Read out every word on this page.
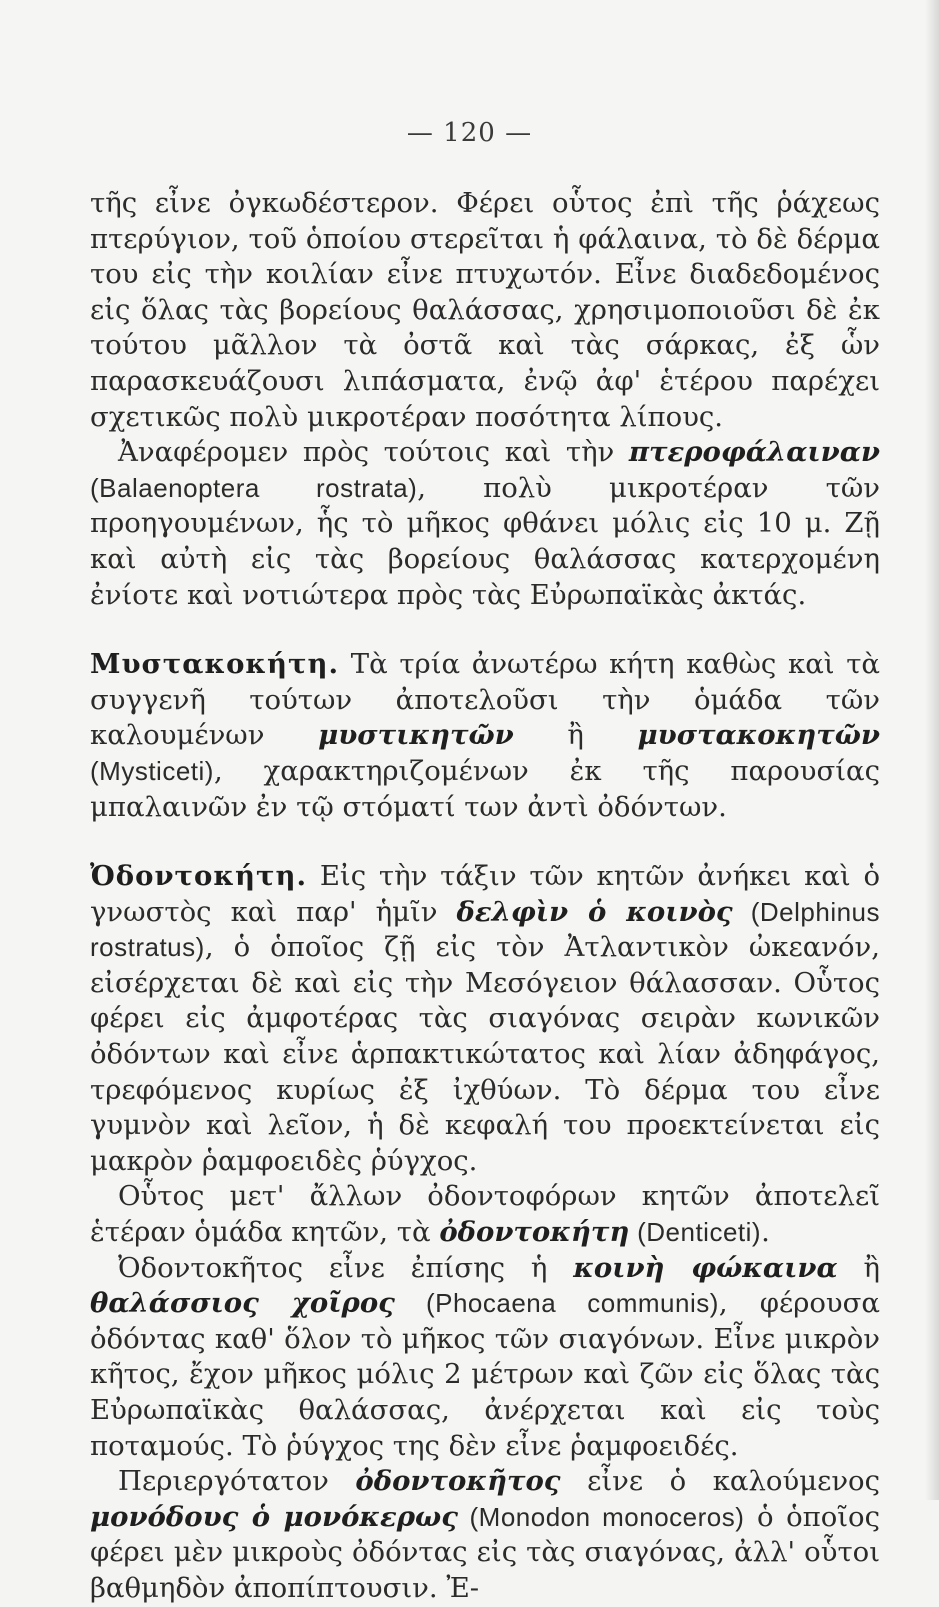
— 120 —

τῆς εἶνε ὀγκωδέστερον. Φέρει οὗτος ἐπὶ τῆς ῥάχεως πτερύγιον, τοῦ ὁποίου στερεῖται ἡ φάλαινα, τὸ δὲ δέρμα του εἰς τὴν κοιλίαν εἶνε πτυχωτόν. Εἶνε διαδεδομένος εἰς ὅλας τὰς βορείους θαλάσσας, χρησιμοποιοῦσι δὲ ἐκ τούτου μᾶλλον τὰ ὀστᾶ καὶ τὰς σάρκας, ἐξ ὧν παρασκευάζουσι λιπάσματα, ἐνῷ ἀφ' ἑτέρου παρέχει σχετικῶς πολὺ μικροτέραν ποσότητα λίπους.

Ἀναφέρομεν πρὸς τούτοις καὶ τὴν πτεροφάλαιναν (Balaenoptera rostrata), πολὺ μικροτέραν τῶν προηγουμένων, ἧς τὸ μῆκος φθάνει μόλις εἰς 10 μ. Ζῇ καὶ αὐτὴ εἰς τὰς βορείους θαλάσσας κατερχομένη ἐνίοτε καὶ νοτιώτερα πρὸς τὰς Εὐρωπαϊκὰς ἀκτάς.

Μυστακοκήτη. Τὰ τρία ἀνωτέρω κήτη καθὼς καὶ τὰ συγγενῆ τούτων ἀποτελοῦσι τὴν ὁμάδα τῶν καλουμένων μυστικητῶν ἢ μυστακοκητῶν (Mysticeti), χαρακτηριζομένων ἐκ τῆς παρουσίας μπαλαινῶν ἐν τῷ στόματί των ἀντὶ ὀδόντων.

Ὀδοντοκήτη. Εἰς τὴν τάξιν τῶν κητῶν ἀνήκει καὶ ὁ γνωστὸς καὶ παρ' ἡμῖν δελφὶν ὁ κοινὸς (Delphinus rostratus), ὁ ὁποῖος ζῇ εἰς τὸν Ἀτλαντικὸν ὠκεανόν, εἰσέρχεται δὲ καὶ εἰς τὴν Μεσόγειον θάλασσαν. Οὗτος φέρει εἰς ἀμφοτέρας τὰς σιαγόνας σειρὰν κωνικῶν ὀδόντων καὶ εἶνε ἁρπακτικώτατος καὶ λίαν ἀδηφάγος, τρεφόμενος κυρίως ἐξ ἰχθύων. Τὸ δέρμα του εἶνε γυμνὸν καὶ λεῖον, ἡ δὲ κεφαλή του προεκτείνεται εἰς μακρὸν ῥαμφοειδὲς ῥύγχος.

Οὗτος μετ' ἄλλων ὀδοντοφόρων κητῶν ἀποτελεῖ ἑτέραν ὁμάδα κητῶν, τὰ ὀδοντοκήτη (Denticeti).

Ὀδοντοκῆτος εἶνε ἐπίσης ἡ κοινὴ φώκαινα ἢ θαλάσσιος χοῖρος (Phocaena communis), φέρουσα ὀδόντας καθ' ὅλον τὸ μῆκος τῶν σιαγόνων. Εἶνε μικρὸν κῆτος, ἔχον μῆκος μόλις 2 μέτρων καὶ ζῶν εἰς ὅλας τὰς Εὐρωπαϊκὰς θαλάσσας, ἀνέρχεται καὶ εἰς τοὺς ποταμούς. Τὸ ῥύγχος της δὲν εἶνε ῥαμφοειδές.

Περιεργότατον ὀδοντοκῆτος εἶνε ὁ καλούμενος μονόδους ὁ μονόκερως (Monodon monoceros) ὁ ὁποῖος φέρει μὲν μικροὺς ὀδόντας εἰς τὰς σιαγόνας, ἀλλ' οὗτοι βαθμηδὸν ἀποπίπτουσιν. Ἐ-
